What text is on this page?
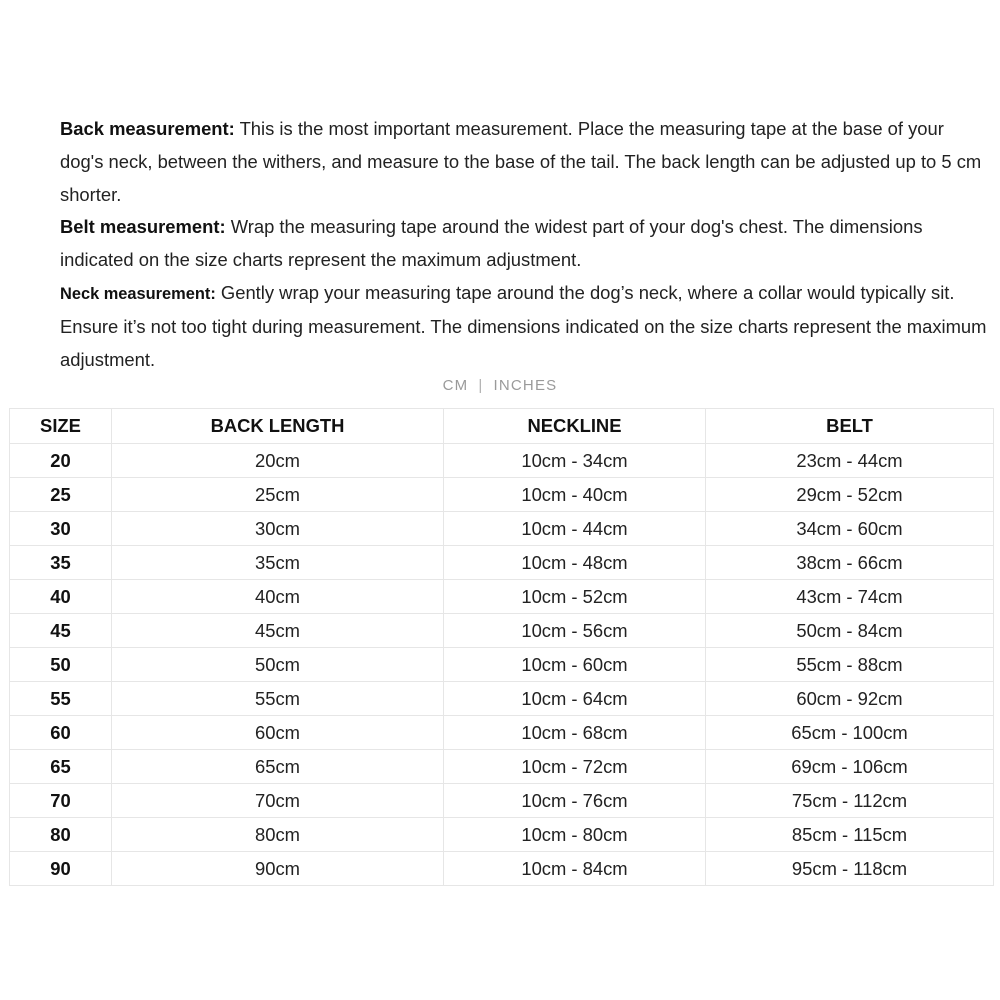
Back measurement: This is the most important measurement. Place the measuring tape at the base of your dog's neck, between the withers, and measure to the base of the tail. The back length can be adjusted up to 5 cm shorter.

Belt measurement: Wrap the measuring tape around the widest part of your dog's chest. The dimensions indicated on the size charts represent the maximum adjustment.

Neck measurement: Gently wrap your measuring tape around the dog’s neck, where a collar would typically sit. Ensure it’s not too tight during measurement. The dimensions indicated on the size charts represent the maximum adjustment.

CM | INCHES
SIZE	BACK LENGTH	NECKLINE	BELT
20	20cm	10cm - 34cm	23cm - 44cm
25	25cm	10cm - 40cm	29cm - 52cm
30	30cm	10cm - 44cm	34cm - 60cm
35	35cm	10cm - 48cm	38cm - 66cm
40	40cm	10cm - 52cm	43cm - 74cm
45	45cm	10cm - 56cm	50cm - 84cm
50	50cm	10cm - 60cm	55cm - 88cm
55	55cm	10cm - 64cm	60cm - 92cm
60	60cm	10cm - 68cm	65cm - 100cm
65	65cm	10cm - 72cm	69cm - 106cm
70	70cm	10cm - 76cm	75cm - 112cm
80	80cm	10cm - 80cm	85cm - 115cm
90	90cm	10cm - 84cm	95cm - 118cm
